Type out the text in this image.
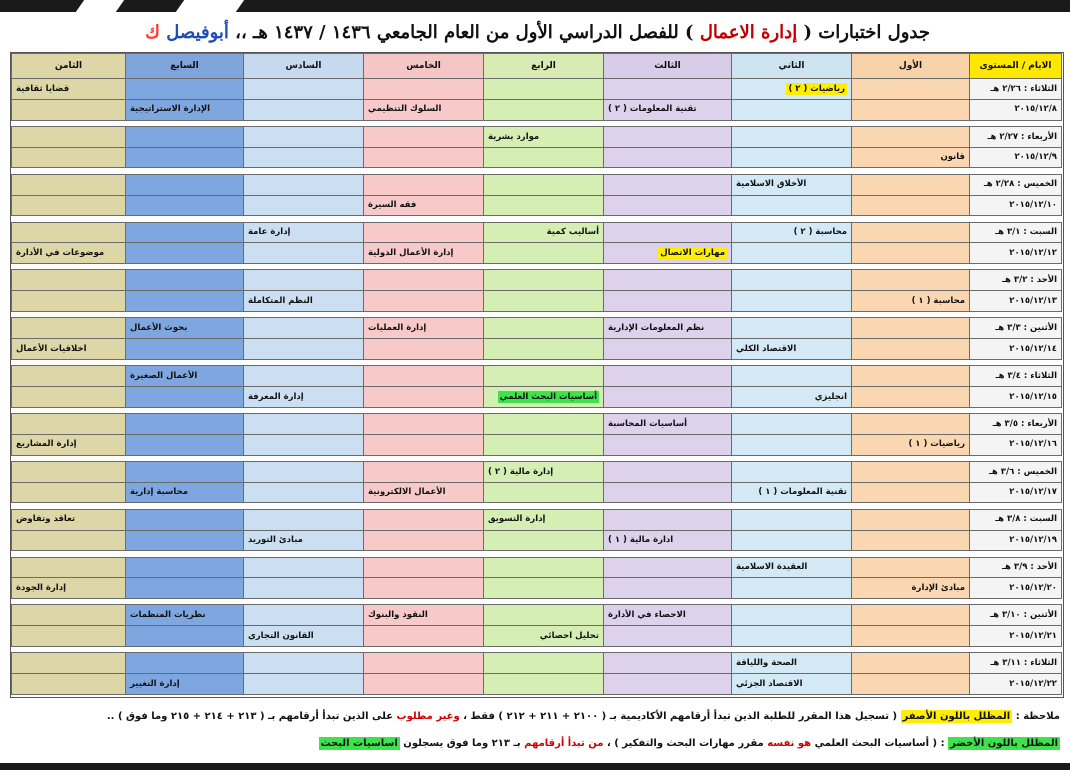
جدول اختبارات ( إدارة الاعمال ) للفصل الدراسي الأول من العام الجامعي ١٤٣٦ / ١٤٣٧ هـ ،، أبوفيصل ك
الايام / المستوى	الأول	الثاني	الثالث	الرابع	الخامس	السادس	السابع	الثامن
الثلاثاء : ٢/٢٦ هـ		رياضيات ( ٢ )						قضايا ثقافية
٢٠١٥/١٢/٨			تقنية المعلومات ( ٢ )		السلوك التنظيمي		الإدارة الاستراتيجية	

الأربعاء : ٢/٢٧ هـ				موارد بشرية				
٢٠١٥/١٢/٩	قانون							

الخميس : ٢/٢٨ هـ		الأخلاق الاسلامية						
٢٠١٥/١٢/١٠					فقه السيرة			

السبت : ٣/١ هـ		محاسبة ( ٢ )		أساليب كمية		إدارة عامة		
٢٠١٥/١٢/١٢			مهارات الاتصال		إدارة الأعمال الدولية			موضوعات في الأدارة

الأحد : ٣/٢ هـ								
٢٠١٥/١٢/١٣	محاسبة ( ١ )					النظم المتكاملة		

الأثنين : ٣/٣ هـ			نظم المعلومات الإدارية		إدارة العمليات		بحوث الأعمال	
٢٠١٥/١٢/١٤		الاقتصاد الكلي						اخلاقيات الأعمال

الثلاثاء : ٣/٤ هـ							الأعمال الصغيرة	
٢٠١٥/١٢/١٥		انجليزي		أساسيات البحث العلمي		إدارة المعرفة		

الأربعاء : ٣/٥ هـ			أساسيات المحاسبة					
٢٠١٥/١٢/١٦	رياضيات ( ١ )							إدارة المشاريع

الخميس : ٣/٦ هـ				إدارة مالية ( ٢ )				
٢٠١٥/١٢/١٧		تقنية المعلومات ( ١ )			الأعمال الالكترونية		محاسبة إدارية	

السبت : ٣/٨ هـ				إدارة التسويق				تعاقد وتفاوض
٢٠١٥/١٢/١٩			ادارة مالية ( ١ )			مبادئ التوريد		

الأحد : ٣/٩ هـ		العقيدة الاسلامية						
٢٠١٥/١٢/٢٠	مبادئ الإدارة							إدارة الجودة

الأثنين : ٣/١٠ هـ			الاحصاء في الأدارة		النقود والبنوك		نظريات المنظمات	
٢٠١٥/١٢/٢١				تحليل احصائي		القانون التجاري		

الثلاثاء : ٣/١١ هـ		الصحة واللياقة						
٢٠١٥/١٢/٢٢		الاقتصاد الجزئي					إدارة التغيير	
ملاحظة : المظلل باللون الأصفر ( تسجيل هذا المقرر للطلبة الذين تبدأ أرقامهم الأكاديمية بـ ( ٢١٠٠ + ٢١١ + ٢١٢ ) فقط ، وغير مطلوب على الذين تبدأ أرقامهم بـ ( ٢١٣ + ٢١٤ + ٢١٥ وما فوق ) ..
المظلل باللون الأخضر : ( أساسيات البحث العلمي هو نفسه مقرر مهارات البحث والتفكير ) ، من تبدأ أرقامهم بـ ٢١٣ وما فوق يسجلون اساسيات البحث
